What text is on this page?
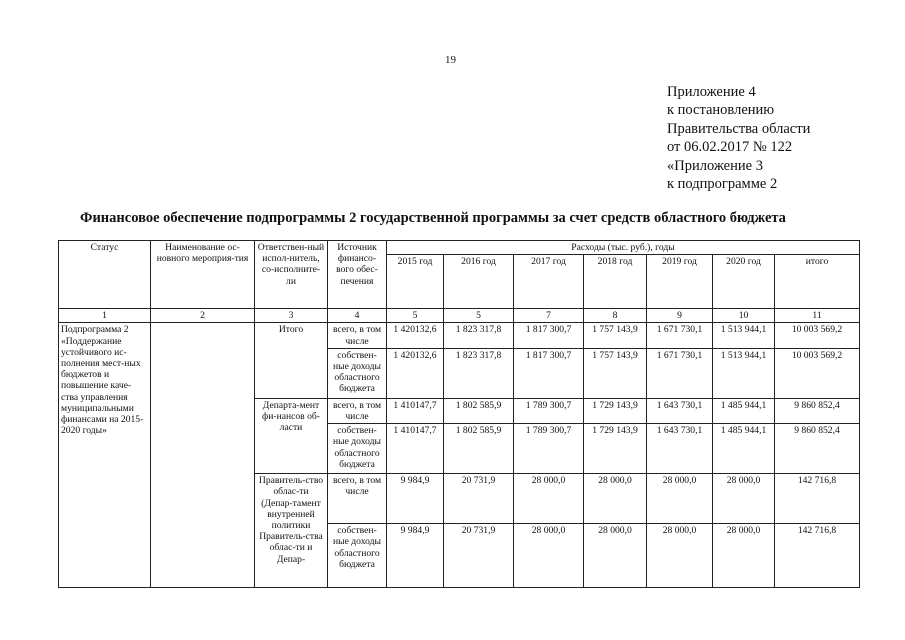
19
Приложение 4
к постановлению
Правительства области
от 06.02.2017 № 122
«Приложение 3
к подпрограмме 2
Финансовое обеспечение подпрограммы 2 государственной программы за счет средств областного бюджета
Статус	Наименование ос-новного мероприя-тия	Ответствен-ный испол-нитель, со-исполните-ли	Источник финансо-вого обес-печения	Расходы (тыс. руб.), годы						
				2015 год	2016 год	2017 год	2018 год	2019 год	2020 год	итого
1	2	3	4	5	5	7	8	9	10	11
Подпрограмма 2 «Поддержание устойчивого ис-полнения мест-ных бюджетов и повышение каче-ства управления муниципальными финансами на 2015-2020 годы»		Итого	всего, в том числе	1 420132,6	1 823 317,8	1 817 300,7	1 757 143,9	1 671 730,1	1 513 944,1	10 003 569,2
			собствен-ные доходы областного бюджета	1 420132,6	1 823 317,8	1 817 300,7	1 757 143,9	1 671 730,1	1 513 944,1	10 003 569,2
		Департа-мент фи-нансов об-ласти	всего, в том числе	1 410147,7	1 802 585,9	1 789 300,7	1 729 143,9	1 643 730,1	1 485 944,1	9 860 852,4
			собствен-ные доходы областного бюджета	1 410147,7	1 802 585,9	1 789 300,7	1 729 143,9	1 643 730,1	1 485 944,1	9 860 852,4
		Правитель-ство облас-ти (Депар-тамент внутренней политики Правитель-ства облас-ти и Депар-	всего, в том числе	9 984,9	20 731,9	28 000,0	28 000,0	28 000,0	28 000,0	142 716,8
			собствен-ные доходы областного бюджета	9 984,9	20 731,9	28 000,0	28 000,0	28 000,0	28 000,0	142 716,8
